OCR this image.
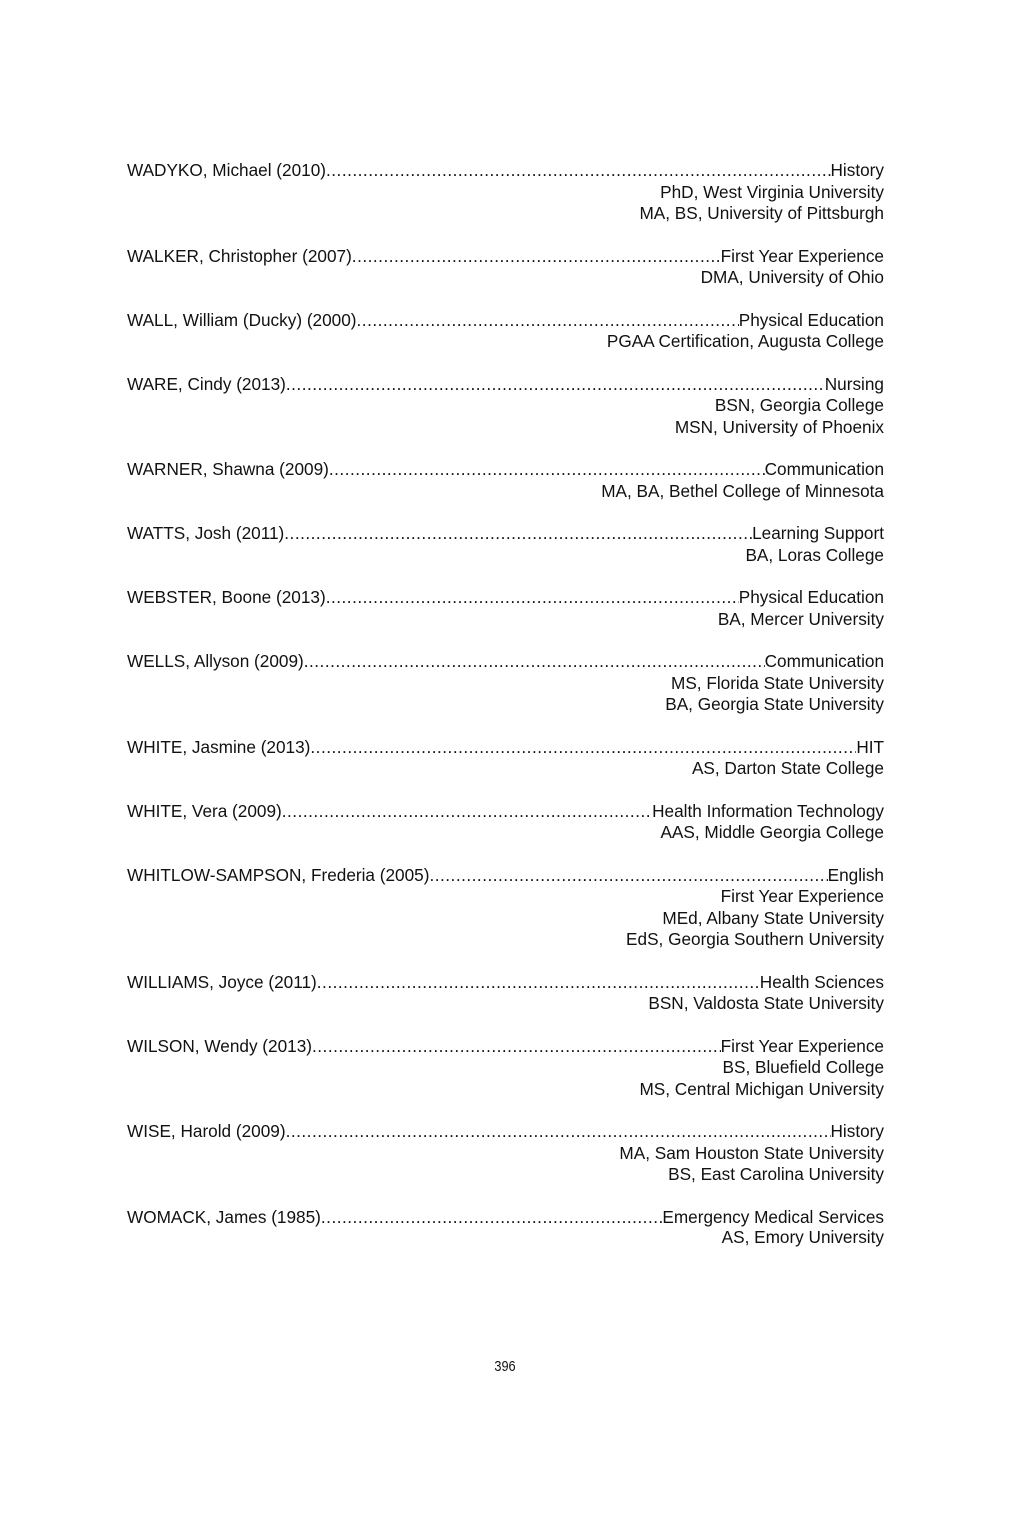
WADYKO, Michael (2010) .....	History
PhD, West Virginia University
MA, BS, University of Pittsburgh
WALKER, Christopher (2007) .....	First Year Experience
DMA, University of Ohio
WALL, William (Ducky) (2000) .....	Physical Education
PGAA Certification, Augusta College
WARE, Cindy (2013) .....	Nursing
BSN, Georgia College
MSN, University of Phoenix
WARNER, Shawna (2009) .....	Communication
MA, BA, Bethel College of Minnesota
WATTS, Josh (2011) .....	Learning Support
BA, Loras College
WEBSTER, Boone (2013) .....	Physical Education
BA, Mercer University
WELLS, Allyson (2009) .....	Communication
MS, Florida State University
BA, Georgia State University
WHITE, Jasmine (2013) .....	HIT
AS, Darton State College
WHITE, Vera (2009) .....	Health Information Technology
AAS, Middle Georgia College
WHITLOW-SAMPSON, Frederia (2005) .....	English
First Year Experience
MEd, Albany State University
EdS, Georgia Southern University
WILLIAMS, Joyce (2011) .....	Health Sciences
BSN, Valdosta State University
WILSON, Wendy (2013) .....	First Year Experience
BS, Bluefield College
MS, Central Michigan University
WISE, Harold (2009) .....	History
MA, Sam Houston State University
BS, East Carolina University
WOMACK, James (1985) .....	Emergency Medical Services
AS, Emory University
396
